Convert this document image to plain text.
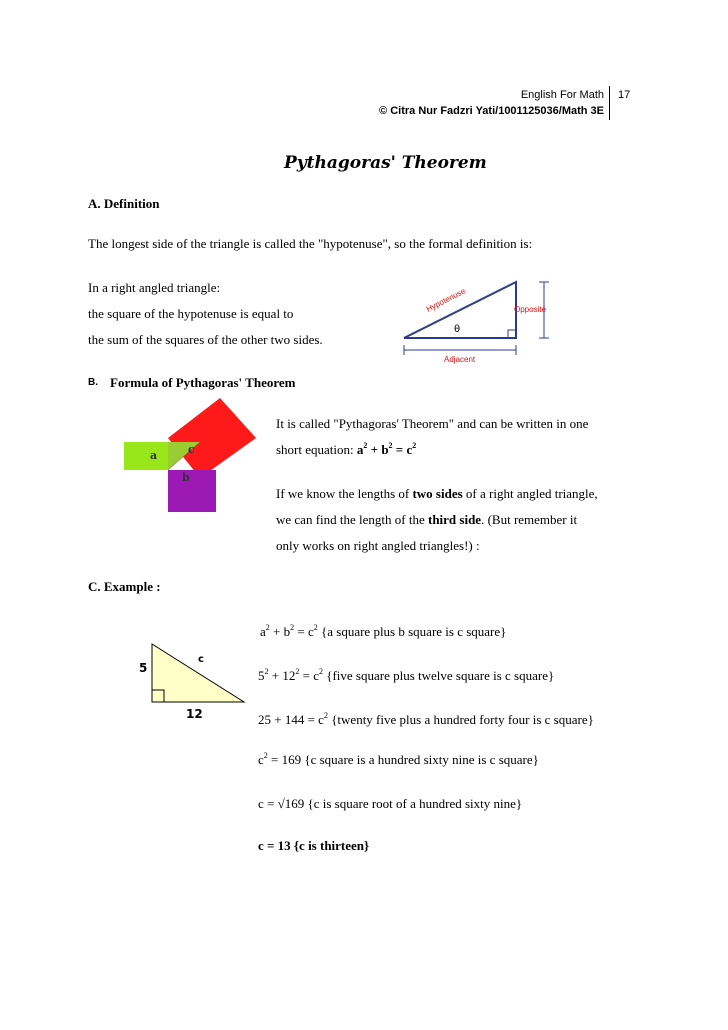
English For Math 17
© Citra Nur Fadzri Yati/1001125036/Math 3E
Pythagoras' Theorem
A. Definition
The longest side of the triangle is called the "hypotenuse", so the formal definition is:
In a right angled triangle:
the square of the hypotenuse is equal to
the sum of the squares of the other two sides.
Hypotenuse	Opposite
Adjacent
θ
B. Formula of Pythagoras' Theorem
a	c
b
It is called "Pythagoras' Theorem" and can be written in one
short equation: $a^2 + b^2 = c^2$
If we know the lengths of two sides of a right angled triangle,
we can find the length of the third side. (But remember it
only works on right angled triangles!) :
C. Example :
5
c
12
$a^2 + b^2 = c^2$ {a square plus b square is c square}
$5^2 + 12^2 = c^2$ {five square plus twelve square is c square}
$25 + 144 = c^2$ {twenty five plus a hundred forty four is c square}
$c^2 = 169$ {c square is a hundred sixty nine is c square}
c = √169 {c is square root of a hundred sixty nine}
c = 13 {c is thirteen}
